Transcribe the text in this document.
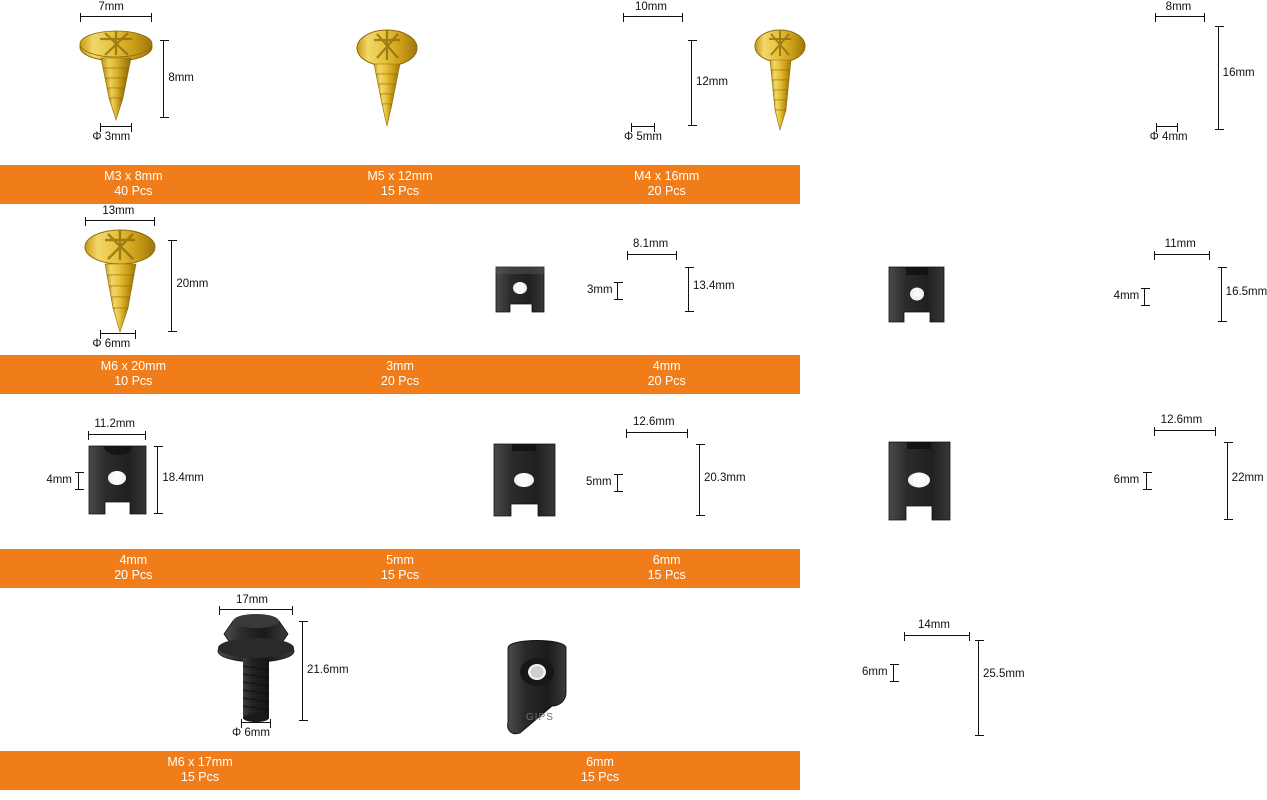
7mm
8mm
Φ 3mm
10mm
12mm
Φ 5mm
8mm
16mm
Φ 4mm
M3 x 8mm
40 Pcs
M5 x 12mm
15 Pcs
M4 x 16mm
20 Pcs
13mm
20mm
Φ 6mm
8.1mm
13.4mm
3mm
11mm
16.5mm
4mm
M6 x 20mm
10 Pcs
3mm
20 Pcs
4mm
20 Pcs
11.2mm
18.4mm
4mm
12.6mm
20.3mm
5mm
12.6mm
22mm
6mm
4mm
20 Pcs
5mm
15 Pcs
6mm
15 Pcs
17mm
21.6mm
Φ 6mm
14mm
GIPS
25.5mm
6mm
M6 x 17mm
15 Pcs
6mm
15 Pcs
